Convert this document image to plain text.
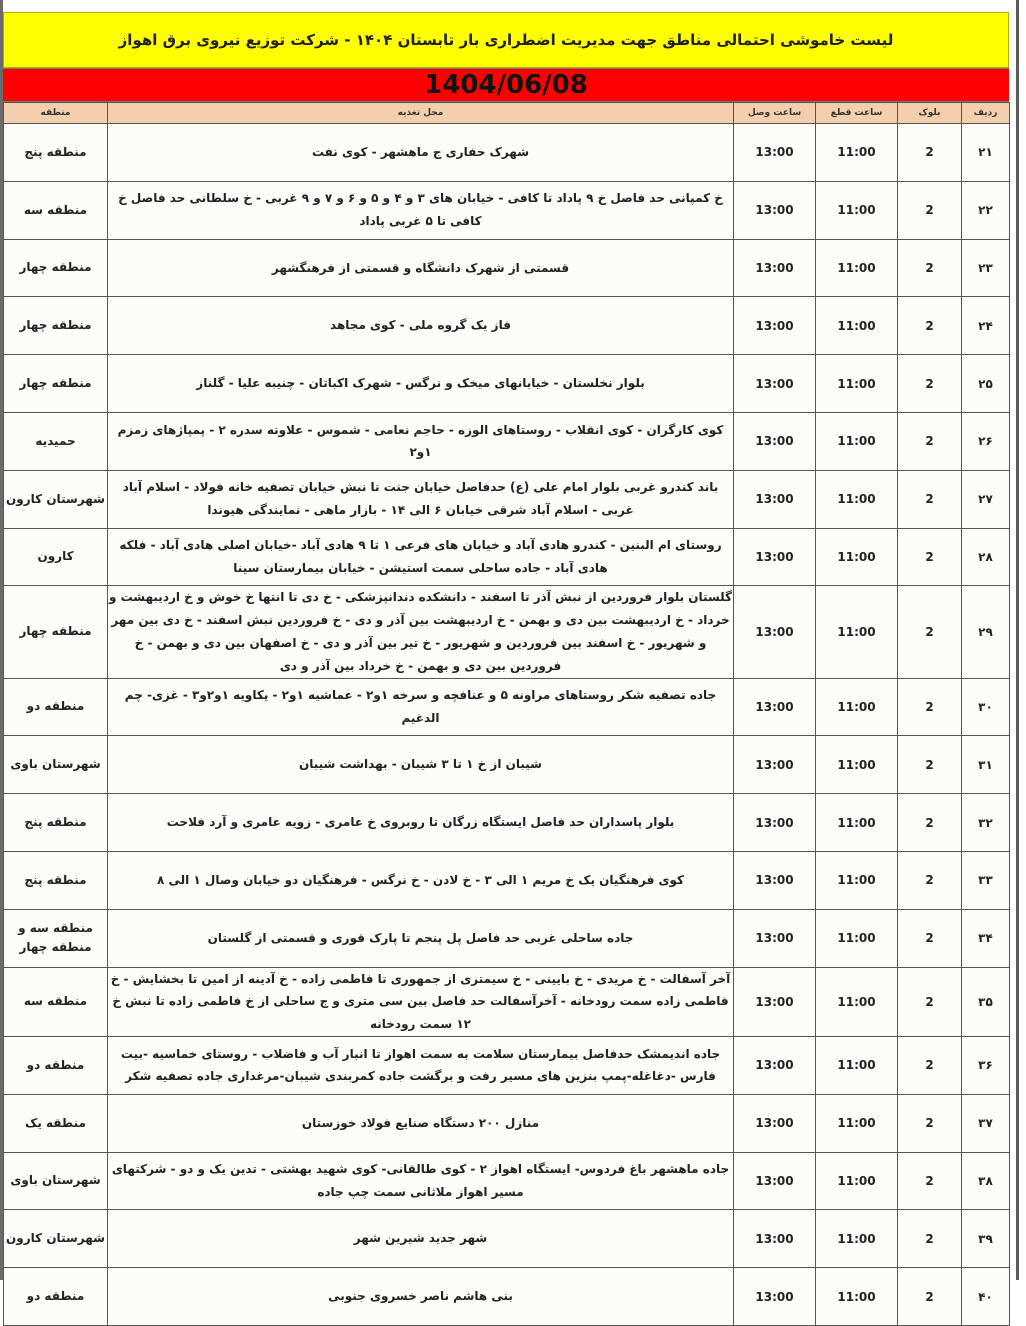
لیست خاموشی احتمالی مناطق جهت مدیریت اضطراری بار تابستان ۱۴۰۴ - شرکت توزیع نیروی برق اهواز
1404/06/08
منطقه	محل تغذیه	ساعت وصل	ساعت قطع	بلوک	ردیف
منطقه پنج	شهرک حفاری ج ماهشهر - کوی نفت	13:00	11:00	2	۲۱
منطقه سه	خ کمپانی حد فاصل خ ۹ پاداد تا کافی - خیابان های ۳ و ۴ و ۵ و ۶ و ۷ و ۹ غربی - خ سلطانی حد فاصل خ کافی تا ۵ غربی پاداد	13:00	11:00	2	۲۲
منطقه چهار	قسمتی از شهرک دانشگاه و قسمتی از فرهنگشهر	13:00	11:00	2	۲۳
منطقه چهار	فاز یک گروه ملی - کوی مجاهد	13:00	11:00	2	۲۴
منطقه چهار	بلوار نخلستان - خیابانهای میخک و نرگس - شهرک اکباتان - چنیبه علیا - گلناز	13:00	11:00	2	۲۵
حمیدیه	کوی کارگران - کوی انقلاب - روستاهای الوزه - حاجم نعامی - شموس - علاونه سدره ۲ - پمپاژهای زمزم ۱و۲	13:00	11:00	2	۲۶
شهرستان کارون	باند کندرو غربی بلوار امام علی (ع) حدفاصل خیابان جنت تا نبش خیابان تصفیه خانه فولاد - اسلام آباد غربی - اسلام آباد شرقی خیابان ۶ الی ۱۴ - بازار ماهی - نمایندگی هیوندا	13:00	11:00	2	۲۷
کارون	روستای ام البنین - کندرو هادی آباد و خیابان های فرعی ۱ تا ۹ هادی آباد -خیابان اصلی هادی آباد - فلکه هادی آباد - جاده ساحلی سمت استیشن - خیابان بیمارستان سینا	13:00	11:00	2	۲۸
منطقه چهار	گلستان بلوار فروردین از نبش آذر تا اسفند - دانشکده دندانپزشکی - خ دی تا انتها خ خوش و خ اردیبهشت و خرداد - خ اردیبهشت بین دی و بهمن - خ اردیبهشت بین آذر و دی - خ فروردین نبش اسفند - خ دی بین مهر و شهریور - خ اسفند بین فروردین و شهریور - خ تیر بین آذر و دی - خ اصفهان بین دی و بهمن - خ فروردین بین دی و بهمن - خ خرداد بین آذر و دی	13:00	11:00	2	۲۹
منطقه دو	جاده تصفیه شکر روستاهای مراونه ۵ و عنافچه و سرخه ۱و۲ - عماشیه ۱و۲ - یکاویه ۱و۲و۳ - غزی- چم الدغیم	13:00	11:00	2	۳۰
شهرستان باوی	شیبان از خ ۱ تا ۳ شیبان - بهداشت شیبان	13:00	11:00	2	۳۱
منطقه پنج	بلوار پاسداران حد فاصل ایستگاه زرگان تا روبروی خ عامری - زویه عامری و آرد فلاحت	13:00	11:00	2	۳۲
منطقه پنج	کوی فرهنگیان یک خ مریم ۱ الی ۳ - خ لادن - خ نرگس - فرهنگیان دو خیابان وصال ۱ الی ۸	13:00	11:00	2	۳۳
منطقه سه و منطقه چهار	جاده ساحلی غربی حد فاصل پل پنجم تا پارک قوری و قسمتی از گلستان	13:00	11:00	2	۳۴
منطقه سه	آخر آسفالت - خ مریدی - خ بایینی - خ سیمتری از جمهوری تا فاطمی زاده - خ آدینه از امین تا بخشایش - خ فاطمی زاده سمت رودخانه - آخرآسفالت حد فاصل بین سی متری و ج ساحلی از خ فاطمی زاده تا نبش خ ۱۲ سمت رودخانه	13:00	11:00	2	۳۵
منطقه دو	جاده اندیمشک حدفاصل بیمارستان سلامت به سمت اهواز تا انبار آب و فاضلاب - روستای خماسیه -بیت فارس -دغاغله-پمپ بنزین های مسیر رفت و برگشت جاده کمربندی شیبان-مرغداری جاده تصفیه شکر	13:00	11:00	2	۳۶
منطقه یک	منازل ۲۰۰ دستگاه صنایع فولاد خوزستان	13:00	11:00	2	۳۷
شهرستان باوی	جاده ماهشهر باغ فردوس- ایستگاه اهواز ۲ - کوی طالقانی- کوی شهید بهشتی - تدین یک و دو - شرکتهای مسیر اهواز ملاثانی سمت چپ جاده	13:00	11:00	2	۳۸
شهرستان کارون	شهر جدید شیرین شهر	13:00	11:00	2	۳۹
منطقه دو	بنی هاشم ناصر خسروی جنوبی	13:00	11:00	2	۴۰
